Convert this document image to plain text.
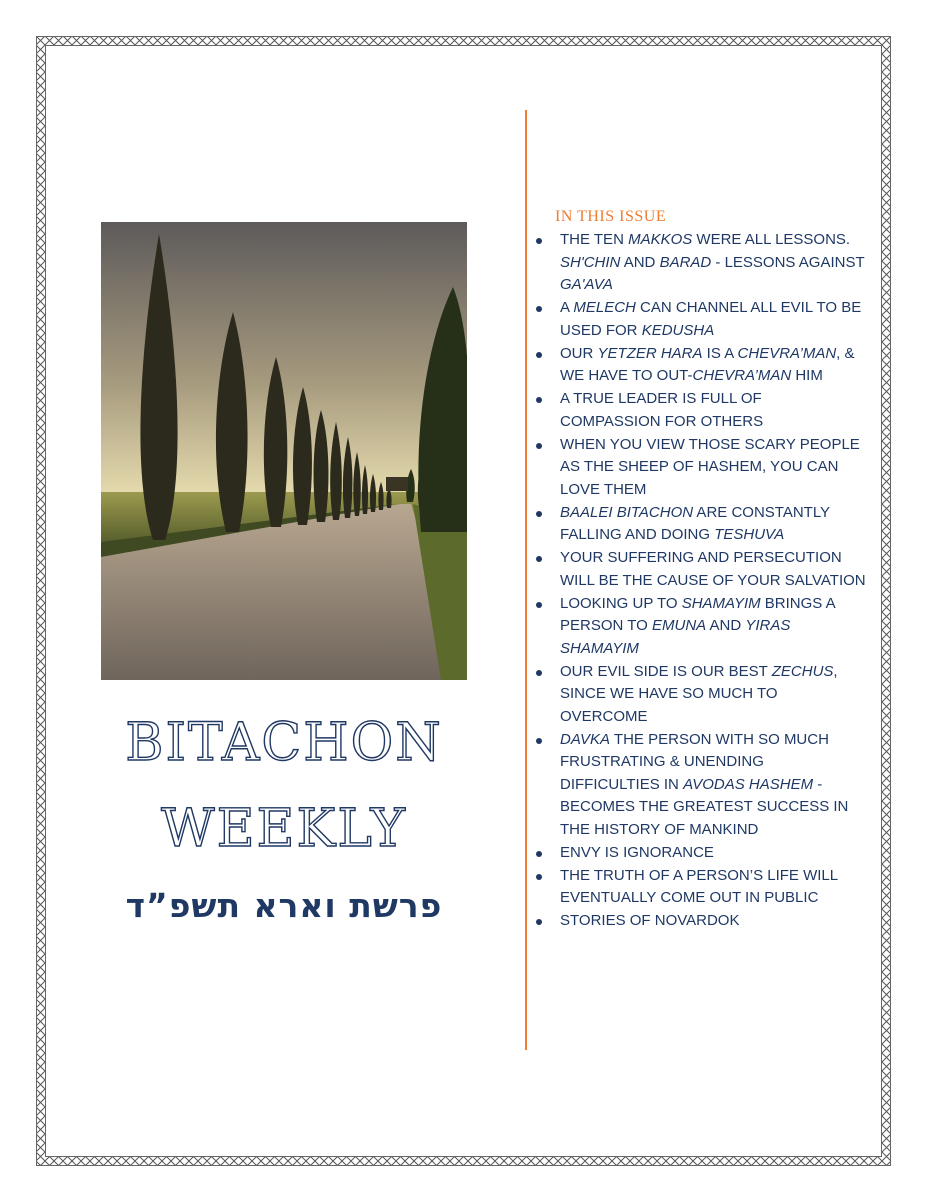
BITACHON
WEEKLY
פרשת וארא תשפ”ד
IN THIS ISSUE
THE TEN MAKKOS WERE ALL LESSONS. SH'CHIN AND BARAD - LESSONS AGAINST GA'AVA
A MELECH CAN CHANNEL ALL EVIL TO BE USED FOR KEDUSHA
OUR YETZER HARA IS A CHEVRA’MAN, & WE HAVE TO OUT-CHEVRA’MAN HIM
A TRUE LEADER IS FULL OF COMPASSION FOR OTHERS
WHEN YOU VIEW THOSE SCARY PEOPLE AS THE SHEEP OF HASHEM, YOU CAN LOVE THEM
BAALEI BITACHON ARE CONSTANTLY FALLING AND DOING TESHUVA
YOUR SUFFERING AND PERSECUTION WILL BE THE CAUSE OF YOUR SALVATION
LOOKING UP TO SHAMAYIM BRINGS A PERSON TO EMUNA AND YIRAS SHAMAYIM
OUR EVIL SIDE IS OUR BEST ZECHUS, SINCE WE HAVE SO MUCH TO OVERCOME
DAVKA THE PERSON WITH SO MUCH FRUSTRATING & UNENDING DIFFICULTIES IN AVODAS HASHEM - BECOMES THE GREATEST SUCCESS IN THE HISTORY OF MANKIND
ENVY IS IGNORANCE
THE TRUTH OF A PERSON’S LIFE WILL EVENTUALLY COME OUT IN PUBLIC
STORIES OF NOVARDOK
